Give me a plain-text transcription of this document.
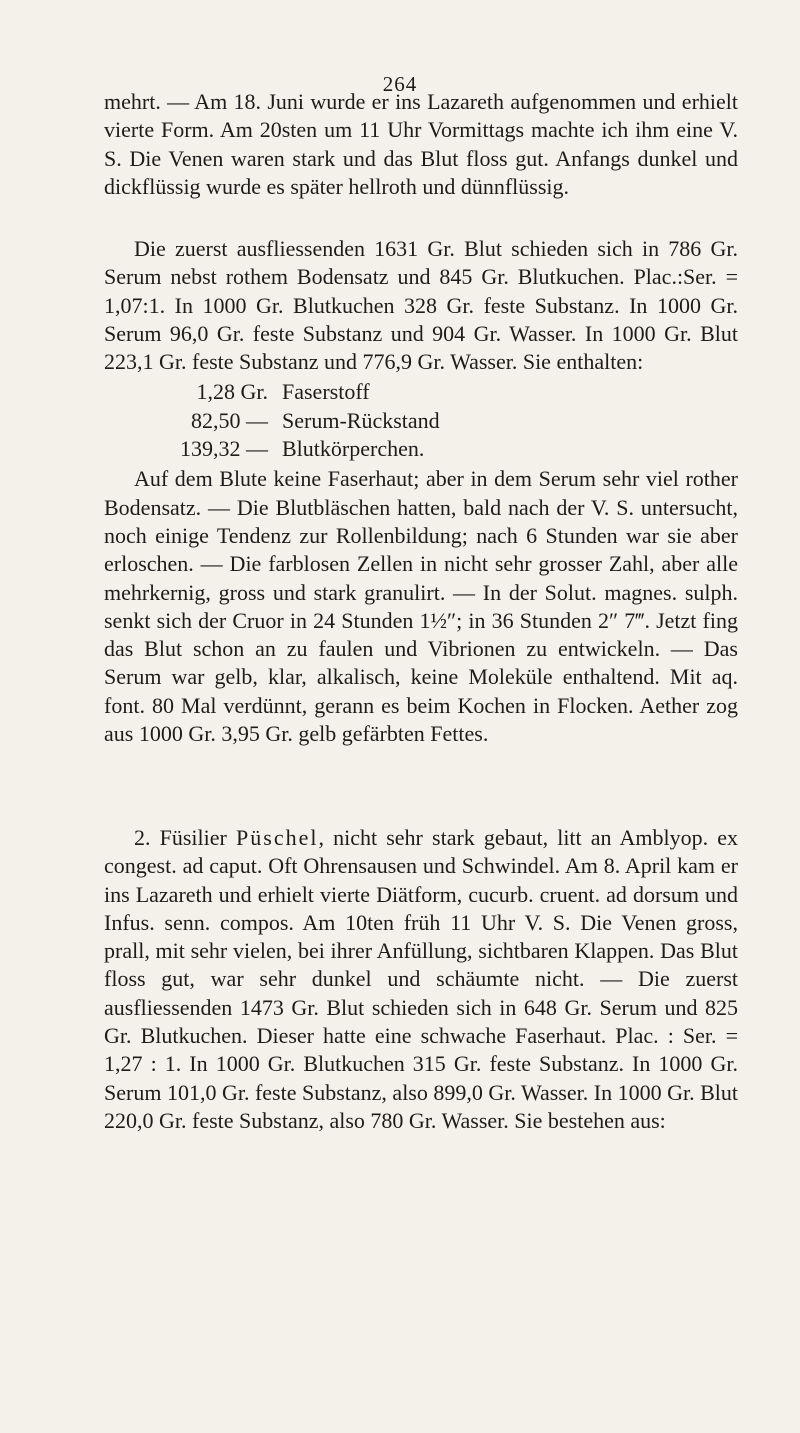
264

mehrt. — Am 18. Juni wurde er ins Lazareth aufgenommen und erhielt vierte Form. Am 20sten um 11 Uhr Vormittags machte ich ihm eine V. S. Die Venen waren stark und das Blut floss gut. Anfangs dunkel und dickflüssig wurde es später hellroth und dünnflüssig.

Die zuerst ausfliessenden 1631 Gr. Blut schieden sich in 786 Gr. Serum nebst rothem Bodensatz und 845 Gr. Blutkuchen. Plac.:Ser. = 1,07:1. In 1000 Gr. Blutkuchen 328 Gr. feste Substanz. In 1000 Gr. Serum 96,0 Gr. feste Substanz und 904 Gr. Wasser. In 1000 Gr. Blut 223,1 Gr. feste Substanz und 776,9 Gr. Wasser. Sie enthalten:

1,28 Gr. Faserstoff
82,50 — Serum-Rückstand
139,32 — Blutkörperchen.

Auf dem Blute keine Faserhaut; aber in dem Serum sehr viel rother Bodensatz. — Die Blutbläschen hatten, bald nach der V. S. untersucht, noch einige Tendenz zur Rollenbildung; nach 6 Stunden war sie aber erloschen. — Die farblosen Zellen in nicht sehr grosser Zahl, aber alle mehrkernig, gross und stark granulirt. — In der Solut. magnes. sulph. senkt sich der Cruor in 24 Stunden 1½″; in 36 Stunden 2″ 7‴. Jetzt fing das Blut schon an zu faulen und Vibrionen zu entwickeln. — Das Serum war gelb, klar, alkalisch, keine Moleküle enthaltend. Mit aq. font. 80 Mal verdünnt, gerann es beim Kochen in Flocken. Aether zog aus 1000 Gr. 3,95 Gr. gelb gefärbten Fettes.

2. Füsilier Püschel, nicht sehr stark gebaut, litt an Amblyop. ex congest. ad caput. Oft Ohrensausen und Schwindel. Am 8. April kam er ins Lazareth und erhielt vierte Diätform, cucurb. cruent. ad dorsum und Infus. senn. compos. Am 10ten früh 11 Uhr V. S. Die Venen gross, prall, mit sehr vielen, bei ihrer Anfüllung, sichtbaren Klappen. Das Blut floss gut, war sehr dunkel und schäumte nicht. — Die zuerst ausfliessenden 1473 Gr. Blut schieden sich in 648 Gr. Serum und 825 Gr. Blutkuchen. Dieser hatte eine schwache Faserhaut. Plac. : Ser. = 1,27 : 1. In 1000 Gr. Blutkuchen 315 Gr. feste Substanz. In 1000 Gr. Serum 101,0 Gr. feste Substanz, also 899,0 Gr. Wasser. In 1000 Gr. Blut 220,0 Gr. feste Substanz, also 780 Gr. Wasser. Sie bestehen aus:
